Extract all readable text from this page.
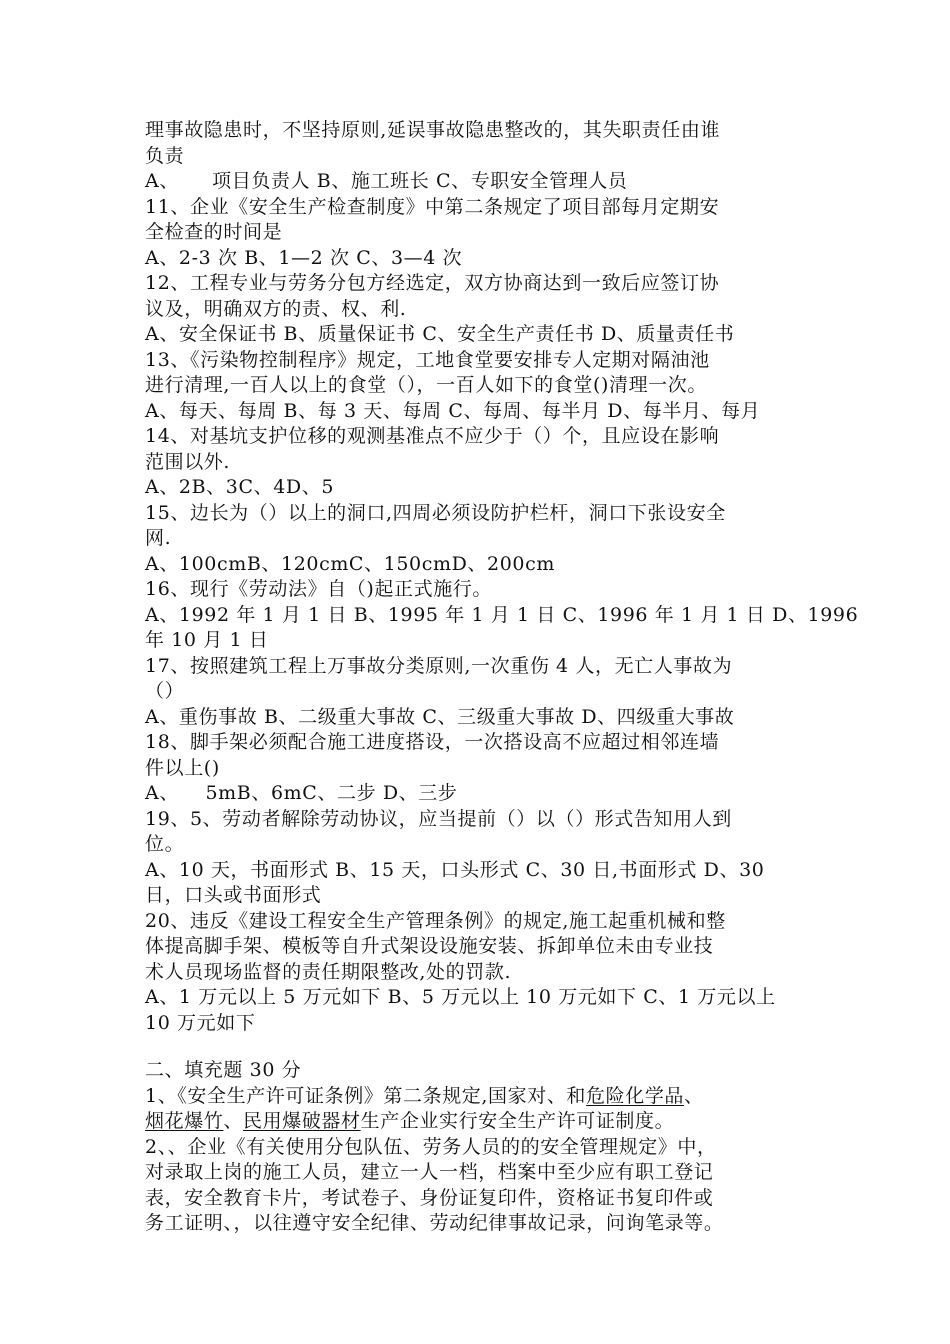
理事故隐患时，不坚持原则,延误事故隐患整改的，其失职责任由谁
负责
A、     项目负责人 B、施工班长 C、专职安全管理人员
11、企业《安全生产检查制度》中第二条规定了项目部每月定期安
全检查的时间是
A、2-3 次 B、1—2 次 C、3—4 次
12、工程专业与劳务分包方经选定，双方协商达到一致后应签订协
议及，明确双方的责、权、利.
A、安全保证书 B、质量保证书 C、安全生产责任书 D、质量责任书
13、《污染物控制程序》规定，工地食堂要安排专人定期对隔油池
进行清理,一百人以上的食堂（），一百人如下的食堂()清理一次。
A、每天、每周 B、每 3 天、每周 C、每周、每半月 D、每半月、每月
14、对基坑支护位移的观测基准点不应少于（）个，且应设在影响
范围以外.
A、2B、3C、4D、5
15、边长为（）以上的洞口,四周必须设防护栏杆，洞口下张设安全
网.
A、100cmB、120cmC、150cmD、200cm
16、现行《劳动法》自（)起正式施行。
A、1992 年 1 月 1 日 B、1995 年 1 月 1 日 C、1996 年 1 月 1 日 D、1996
年 10 月 1 日
17、按照建筑工程上万事故分类原则,一次重伤 4 人，无亡人事故为
（）
A、重伤事故 B、二级重大事故 C、三级重大事故 D、四级重大事故
18、脚手架必须配合施工进度搭设，一次搭设高不应超过相邻连墙
件以上()
A、    5mB、6mC、二步 D、三步
19、5、劳动者解除劳动协议，应当提前（）以（）形式告知用人到
位。
A、10 天，书面形式 B、15 天，口头形式 C、30 日,书面形式 D、30
日，口头或书面形式
20、违反《建设工程安全生产管理条例》的规定,施工起重机械和整
体提高脚手架、模板等自升式架设设施安装、拆卸单位未由专业技
术人员现场监督的责任期限整改,处的罚款.
A、1 万元以上 5 万元如下 B、5 万元以上 10 万元如下 C、1 万元以上
10 万元如下
二、填充题 30 分
1、《安全生产许可证条例》第二条规定,国家对、和危险化学品、
烟花爆竹、民用爆破器材生产企业实行安全生产许可证制度。
2、、企业《有关使用分包队伍、劳务人员的的安全管理规定》中，
对录取上岗的施工人员，建立一人一档，档案中至少应有职工登记
表，安全教育卡片，考试卷子、身份证复印件，资格证书复印件或
务工证明、，以往遵守安全纪律、劳动纪律事故记录，问询笔录等。
